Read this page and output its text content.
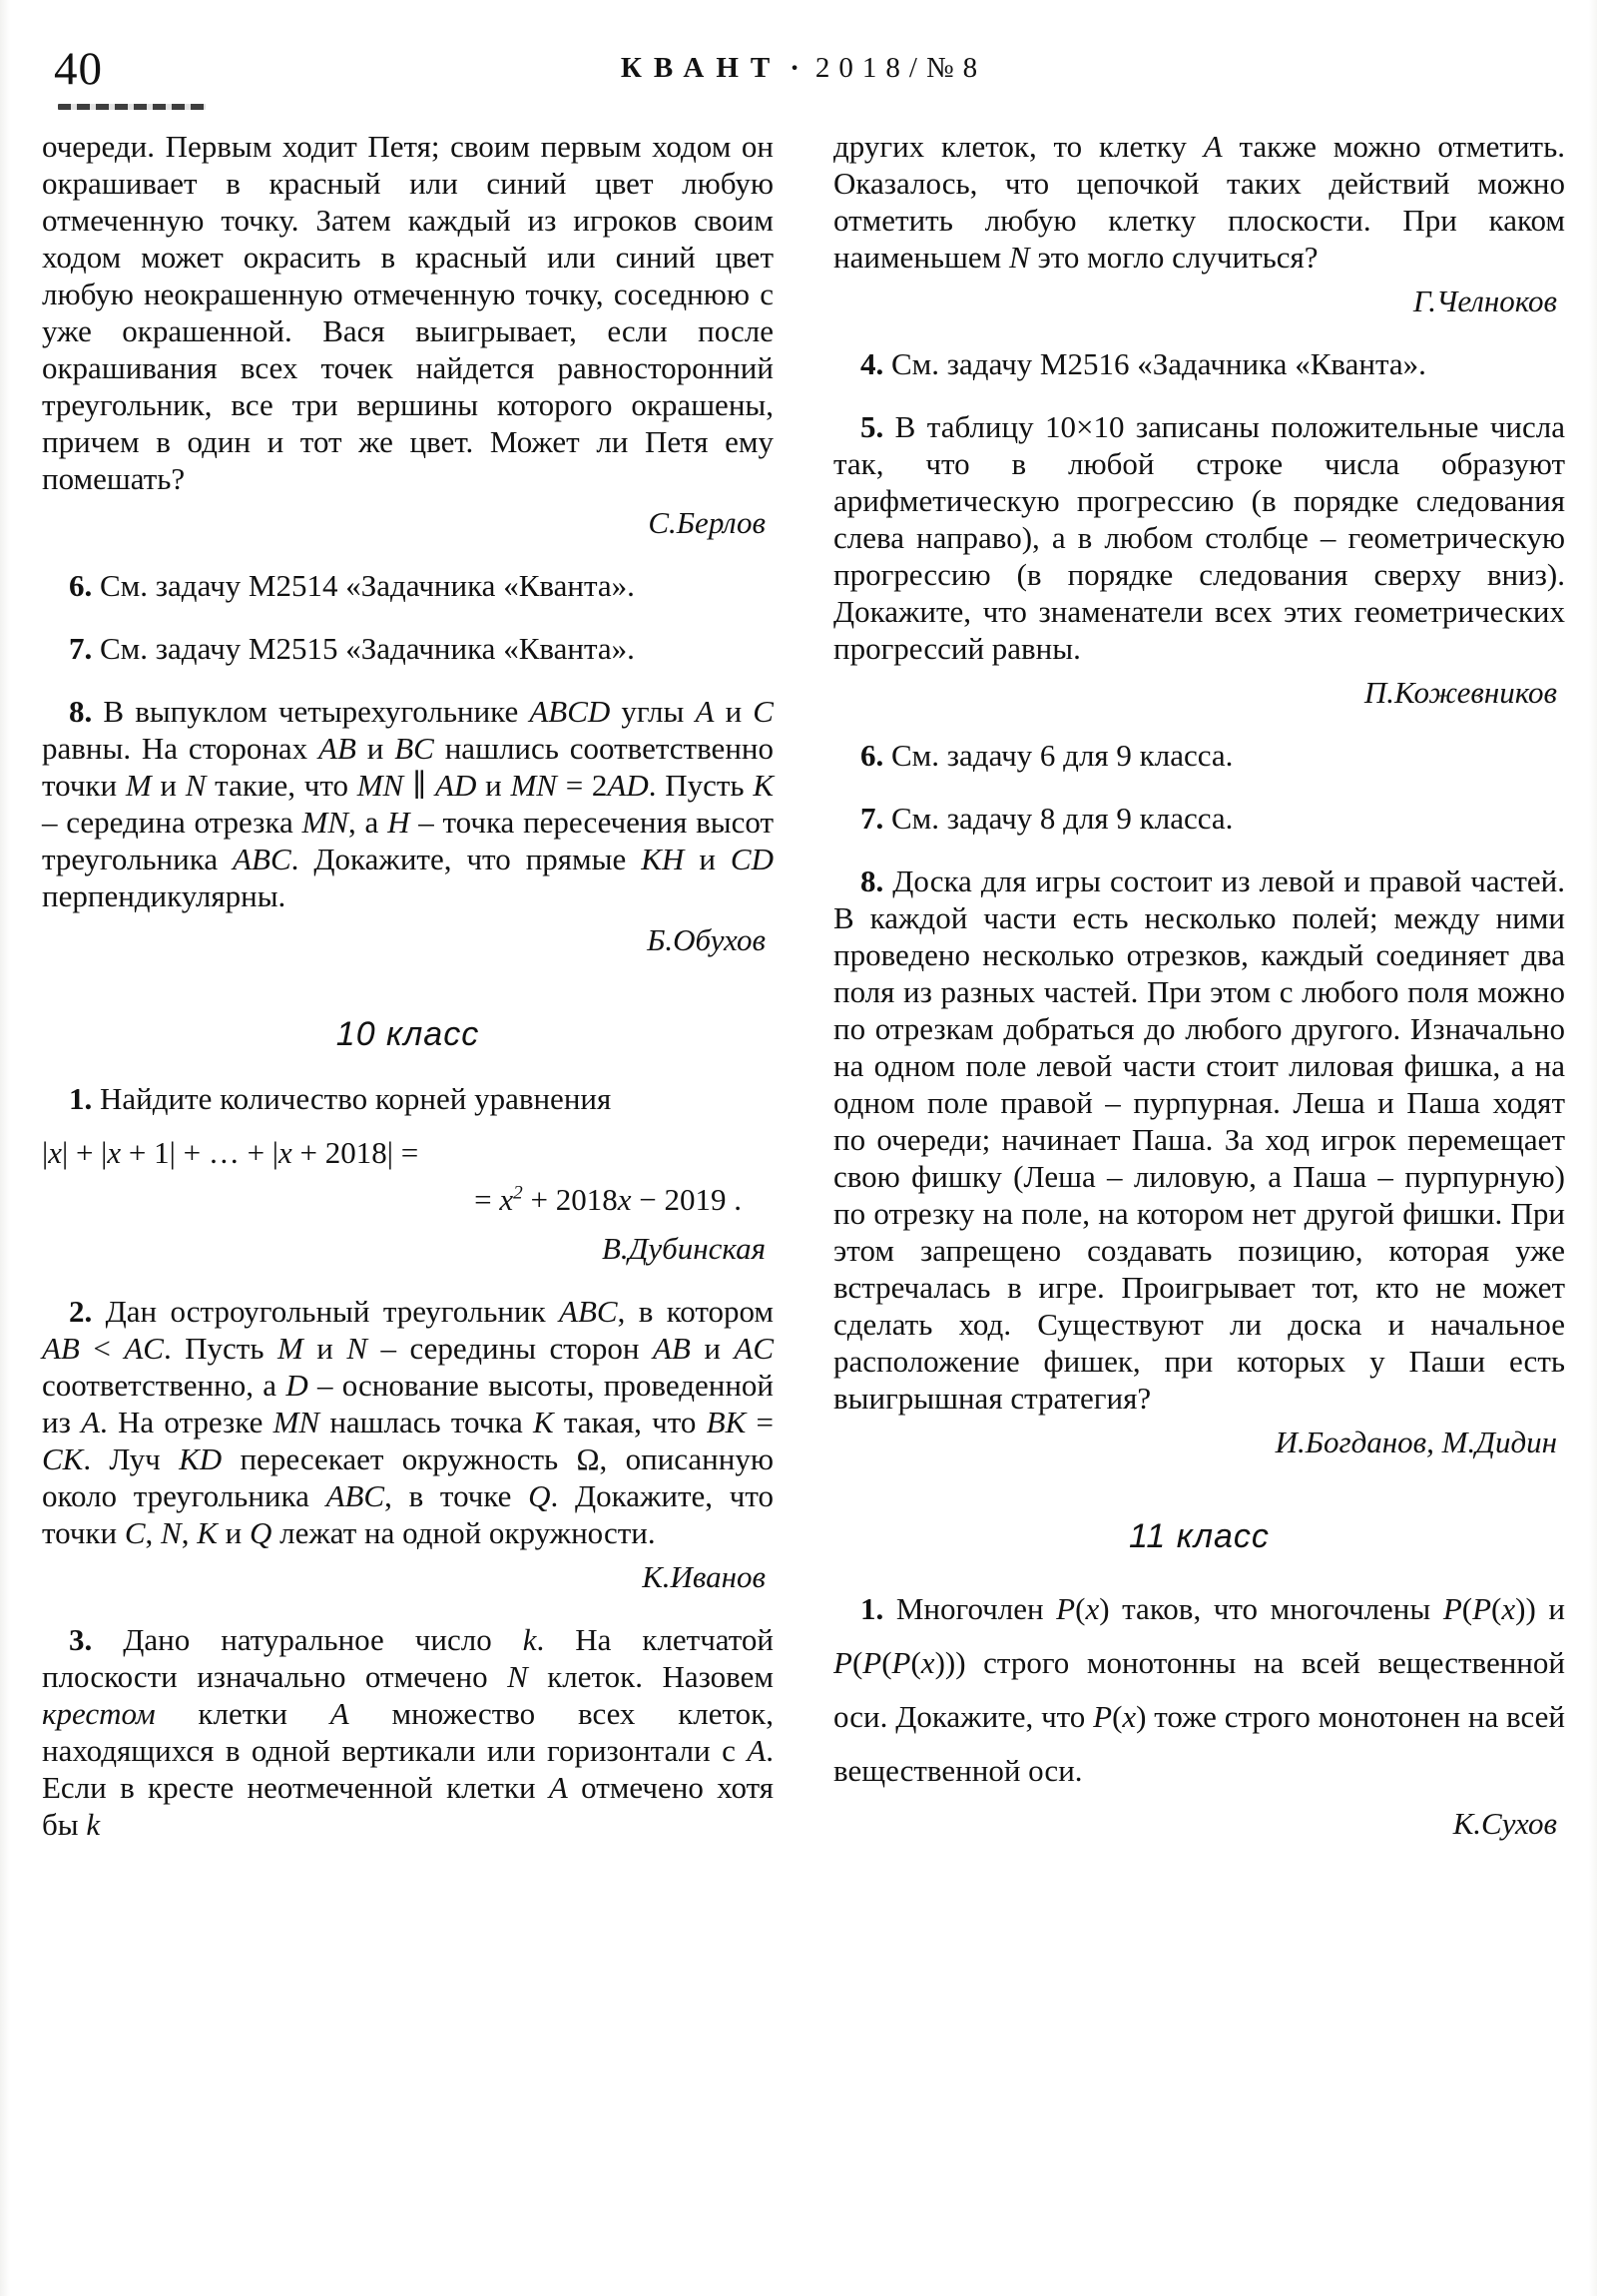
40	КВАНТ · 2018/№8

очереди. Первым ходит Петя; своим первым ходом он окрашивает в красный или синий цвет любую отмеченную точку. Затем каждый из игроков своим ходом может окрасить в красный или синий цвет любую неокрашенную отмеченную точку, соседнюю с уже окрашенной. Вася выигрывает, если после окрашивания всех точек найдется равносторонний треугольник, все три вершины которого окрашены, причем в один и тот же цвет. Может ли Петя ему помешать?

С.Берлов

6. См. задачу М2514 «Задачника «Кванта».

7. См. задачу М2515 «Задачника «Кванта».

8. В выпуклом четырехугольнике ABCD углы A и C равны. На сторонах AB и BC нашлись соответственно точки M и N такие, что MN ∥ AD и MN = 2AD. Пусть K – середина отрезка MN, а H – точка пересечения высот треугольника ABC. Докажите, что прямые KH и CD перпендикулярны.

Б.Обухов
10 класс

1. Найдите количество корней уравнения

|x| + |x + 1| + … + |x + 2018| =
= $x^2 + 2018x - 2019$ .
В.Дубинская

2. Дан остроугольный треугольник ABC, в котором AB < AC. Пусть M и N – середины сторон AB и AC соответственно, а D – основание высоты, проведенной из A. На отрезке MN нашлась точка K такая, что BK = CK. Луч KD пересекает окружность Ω, описанную около треугольника ABC, в точке Q. Докажите, что точки C, N, K и Q лежат на одной окружности.

К.Иванов

3. Дано натуральное число k. На клетчатой плоскости изначально отмечено N клеток. Назовем крестом клетки A множество всех клеток, находящихся в одной вертикали или горизонтали с A. Если в кресте неотмеченной клетки A отмечено хотя бы k

других клеток, то клетку A также можно отметить. Оказалось, что цепочкой таких действий можно отметить любую клетку плоскости. При каком наименьшем N это могло случиться?

Г.Челноков

4. См. задачу М2516 «Задачника «Кванта».

5. В таблицу 10×10 записаны положительные числа так, что в любой строке числа образуют арифметическую прогрессию (в порядке следования слева направо), а в любом столбце – геометрическую прогрессию (в порядке следования сверху вниз). Докажите, что знаменатели всех этих геометрических прогрессий равны.

П.Кожевников

6. См. задачу 6 для 9 класса.

7. См. задачу 8 для 9 класса.

8. Доска для игры состоит из левой и правой частей. В каждой части есть несколько полей; между ними проведено несколько отрезков, каждый соединяет два поля из разных частей. При этом с любого поля можно по отрезкам добраться до любого другого. Изначально на одном поле левой части стоит лиловая фишка, а на одном поле правой – пурпурная. Леша и Паша ходят по очереди; начинает Паша. За ход игрок перемещает свою фишку (Леша – лиловую, а Паша – пурпурную) по отрезку на поле, на котором нет другой фишки. При этом запрещено создавать позицию, которая уже встречалась в игре. Проигрывает тот, кто не может сделать ход. Существуют ли доска и начальное расположение фишек, при которых у Паши есть выигрышная стратегия?

И.Богданов, М.Дидин
11 класс

1. Многочлен P(x) таков, что многочлены P(P(x)) и P(P(P(x))) строго монотонны на всей вещественной оси. Докажите, что P(x) тоже строго монотонен на всей вещественной оси.

К.Сухов
